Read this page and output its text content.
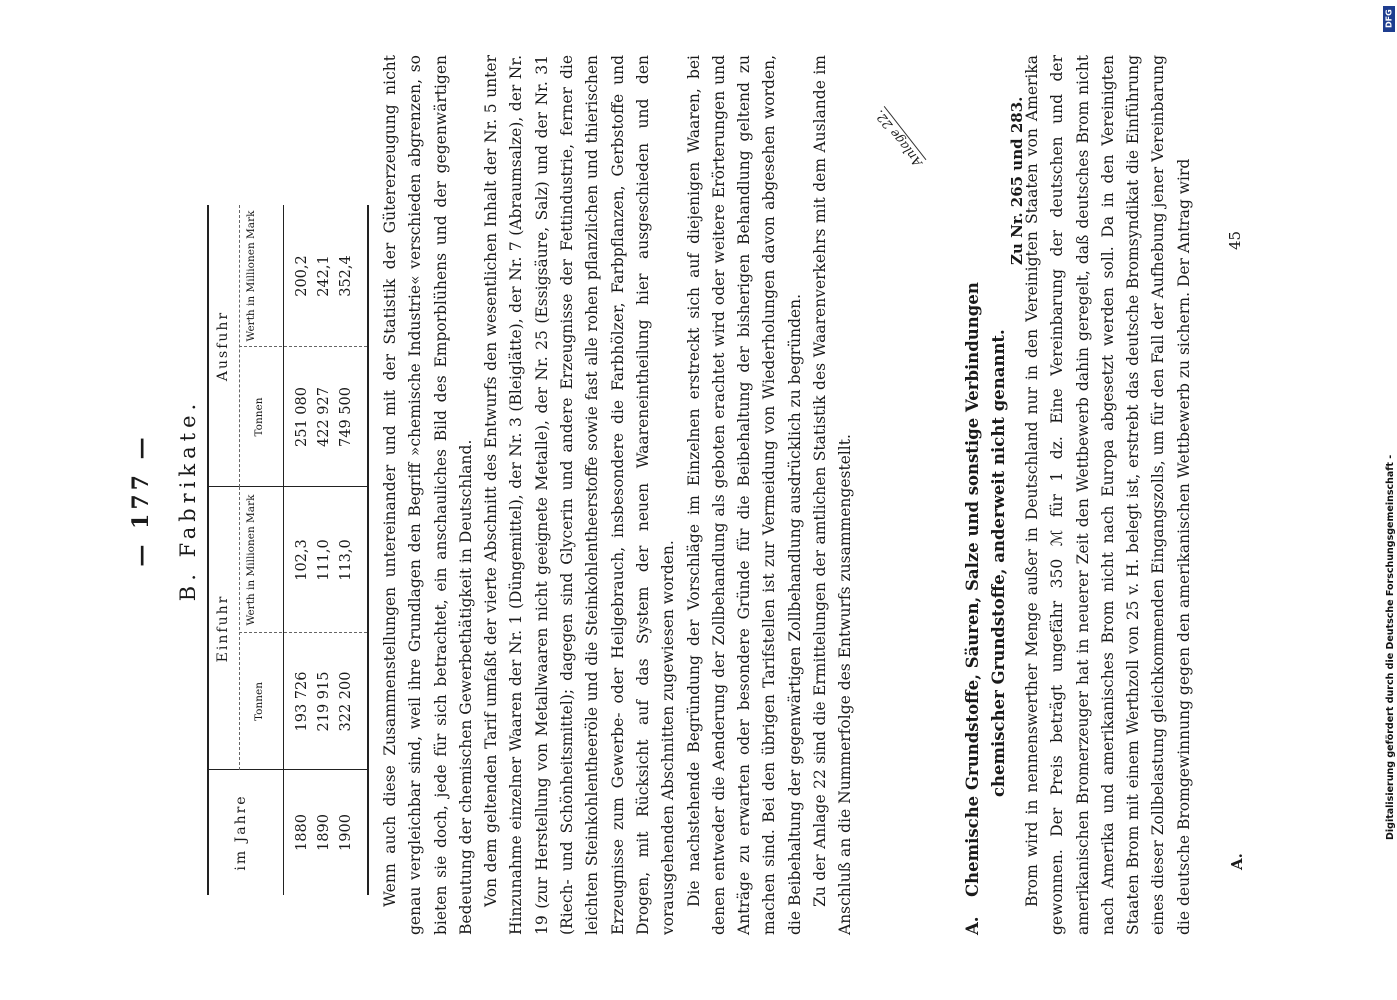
— 177 — B. Fabrikate.
im Jahre
Einfuhr
Ausfuhr
Tonnen
Werth in Millionen Mark
Tonnen
Werth in Millionen Mark
1880
193 726
102,3
251 080
200,2
1890
219 915
111,0
422 927
242,1
1900
322 200
113,0
749 500
352,4 Wenn auch diese Zusammenstellungen untereinander und mit der Statistik der Gütererzeugung nicht genau vergleichbar sind, weil ihre Grundlagen den Begriff »chemische Industrie« verschieden abgrenzen, so bieten sie doch, jede für sich betrachtet, ein anschauliches Bild des Emporblühens und der gegenwärtigen Bedeutung der chemischen Gewerbethätigkeit in Deutschland. Von dem geltenden Tarif umfaßt der vierte Abschnitt des Entwurfs den wesentlichen Inhalt der Nr. 5 unter Hinzunahme einzelner Waaren der Nr. 1 (Düngemittel), der Nr. 3 (Bleiglätte), der Nr. 7 (Abraumsalze), der Nr. 19 (zur Herstellung von Metallwaaren nicht geeignete Metalle), der Nr. 25 (Essigsäure, Salz) und der Nr. 31 (Riech- und Schönheitsmittel); dagegen sind Glycerin und andere Erzeugnisse der Fettindustrie, ferner die leichten Steinkohlentheeröle und die Steinkohlentheerstoffe sowie fast alle rohen pflanzlichen und thierischen Erzeugnisse zum Gewerbe- oder Heilgebrauch, insbesondere die Farbhölzer, Farbpflanzen, Gerbstoffe und Drogen, mit Rücksicht auf das System der neuen Waareneintheilung hier ausgeschieden und den vorausgehenden Abschnitten zugewiesen worden. Die nachstehende Begründung der Vorschläge im Einzelnen erstreckt sich auf diejenigen Waaren, bei denen entweder die Aenderung der Zollbehandlung als geboten erachtet wird oder weitere Erörterungen und Anträge zu erwarten oder besondere Gründe für die Beibehaltung der bisherigen Behandlung geltend zu machen sind. Bei den übrigen Tarifstellen ist zur Vermeidung von Wiederholungen davon abgesehen worden, die Beibehaltung der gegenwärtigen Zollbehandlung ausdrücklich zu begründen. Zu der Anlage 22 sind die Ermittelungen der amtlichen Statistik des Waarenverkehrs mit dem Auslande im Anschluß an die Nummerfolge des Entwurfs zusammengestellt.

Anlage 22.
A.Chemische Grundstoffe, Säuren, Salze und sonstige Verbindungen chemischer Grundstoffe, anderweit nicht genannt. Brom wird in nennenswerther Menge außer in Deutschland nur in den Vereinigten Staaten von Amerika gewonnen. Der Preis beträgt ungefähr 350 ℳ für 1 dz. Eine Vereinbarung der deutschen und der amerikanischen Bromerzeuger hat in neuerer Zeit den Wettbewerb dahin geregelt, daß deutsches Brom nicht nach Amerika und amerikanisches Brom nicht nach Europa abgesetzt werden soll. Da in den Vereinigten Staaten Brom mit einem Werthzoll von 25 v. H. belegt ist, erstrebt das deutsche Bromsyndikat die Einführung eines dieser Zollbelastung gleichkommenden Eingangszolls, um für den Fall der Aufhebung jener Vereinbarung die deutsche Bromgewinnung gegen den amerikanischen Wettbewerb zu sichern. Der Antrag wird

Zu Nr. 265 und 283.
A.
45
DFG
Digitalisierung gefördert durch die Deutsche Forschungsgemeinschaft -
